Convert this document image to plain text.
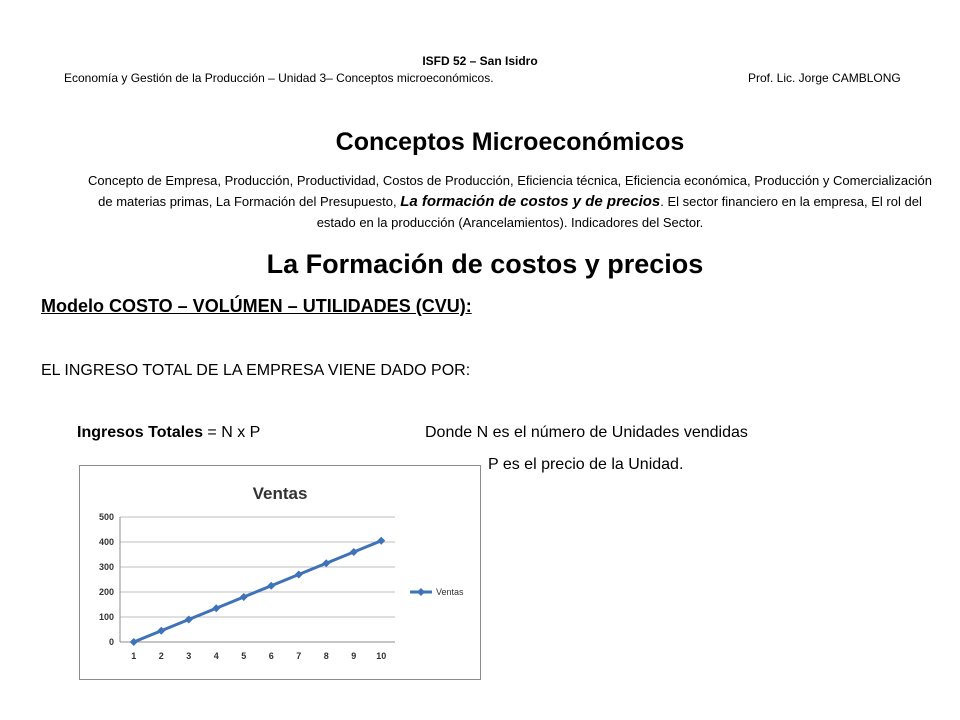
ISFD 52 – San Isidro
Economía y Gestión de la Producción – Unidad 3– Conceptos microeconómicos.	Prof. Lic. Jorge CAMBLONG
Conceptos Microeconómicos
Concepto de Empresa, Producción, Productividad, Costos de Producción, Eficiencia técnica, Eficiencia económica, Producción y Comercialización de materias primas, La Formación del Presupuesto, La formación de costos y de precios. El sector financiero en la empresa, El rol del estado en la producción (Arancelamientos). Indicadores del Sector.
La Formación de costos y precios
Modelo COSTO – VOLÚMEN – UTILIDADES (CVU):
EL INGRESO TOTAL DE LA EMPRESA VIENE DADO POR:
Ingresos Totales = N x P	Donde N es el número de Unidades vendidas
P es el precio de la Unidad.
Ventas
0
100
200
300
400
500
1 2 3 4 5 6 7 8 9 10
Ventas
